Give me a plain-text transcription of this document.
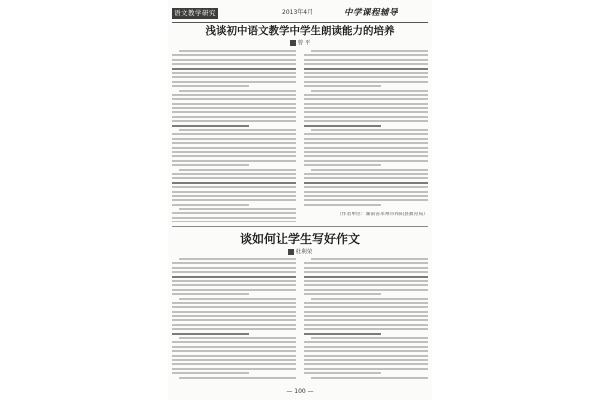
语文教学研究	2013年4月	中学课程辅导
浅谈初中语文教学中学生朗读能力的培养
曾 平
（作者单位：湖南省永州市祁阳县教育局）
谈如何让学生写好作文
杜利荣
— 100 —
